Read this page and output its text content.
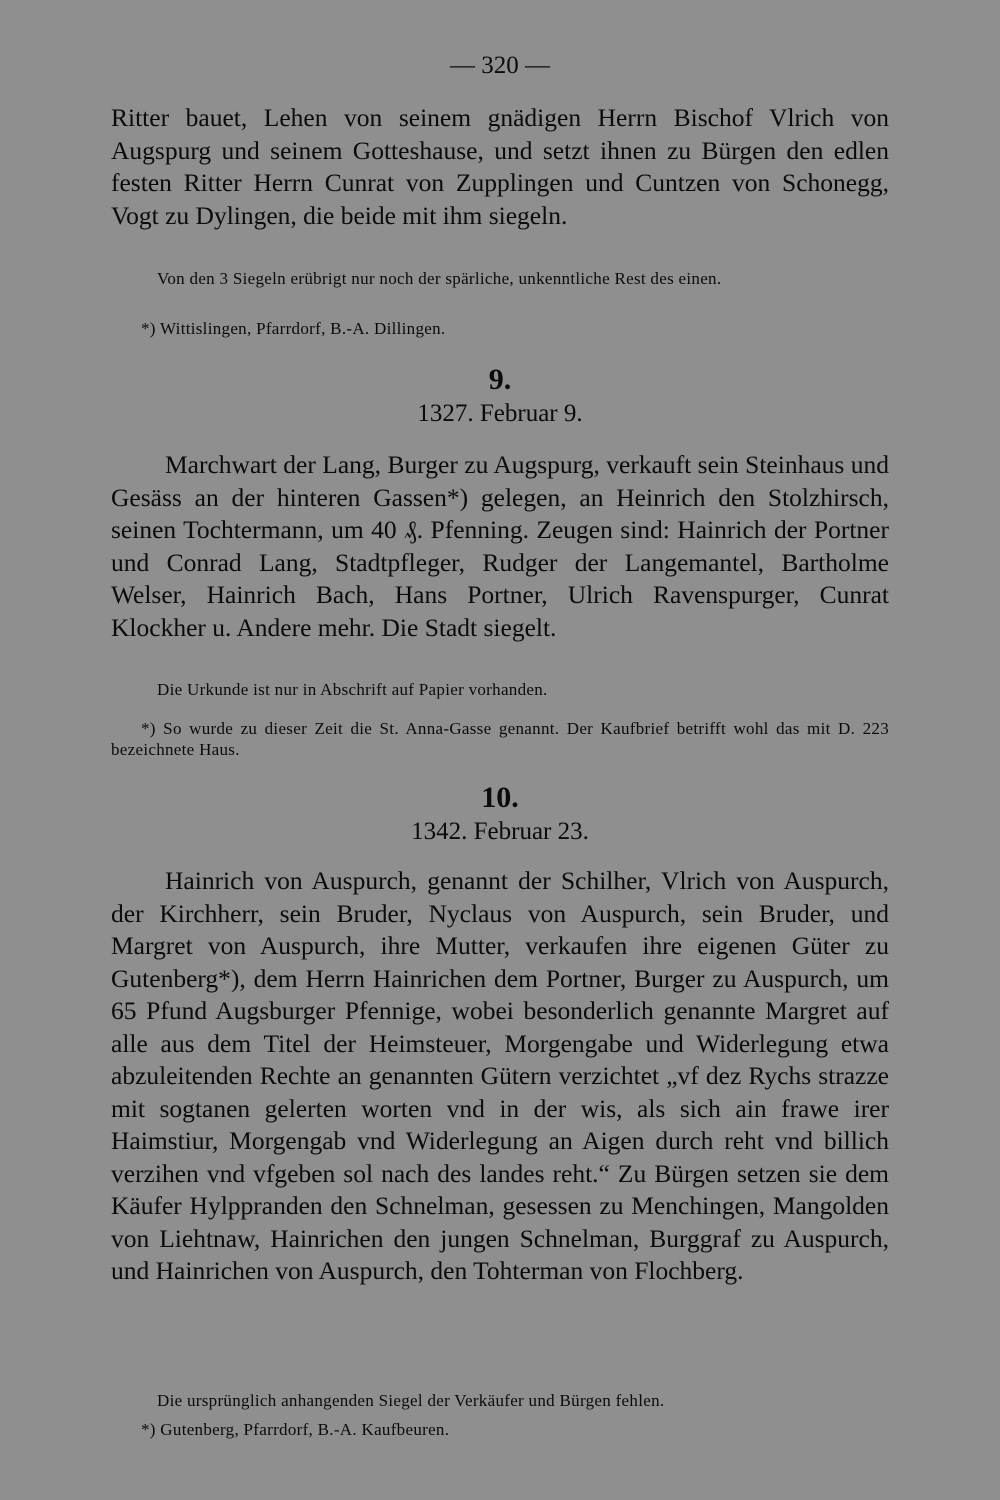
— 320 —

Ritter bauet, Lehen von seinem gnädigen Herrn Bischof Vlrich von Augspurg und seinem Gotteshause, und setzt ihnen zu Bürgen den edlen festen Ritter Herrn Cunrat von Zupplingen und Cuntzen von Schonegg, Vogt zu Dylingen, die beide mit ihm siegeln.

Von den 3 Siegeln erübrigt nur noch der spärliche, unkenntliche Rest des einen.

*) Wittislingen, Pfarrdorf, B.-A. Dillingen.

9.

1327. Februar 9.

Marchwart der Lang, Burger zu Augspurg, verkauft sein Steinhaus und Gesäss an der hinteren Gassen*) gelegen, an Heinrich den Stolzhirsch, seinen Tochtermann, um 40 ₰. Pfenning. Zeugen sind: Hainrich der Portner und Conrad Lang, Stadtpfleger, Rudger der Langemantel, Bartholme Welser, Hainrich Bach, Hans Portner, Ulrich Ravenspurger, Cunrat Klockher u. Andere mehr. Die Stadt siegelt.

Die Urkunde ist nur in Abschrift auf Papier vorhanden.

*) So wurde zu dieser Zeit die St. Anna-Gasse genannt. Der Kaufbrief betrifft wohl das mit D. 223 bezeichnete Haus.

10.

1342. Februar 23.

Hainrich von Auspurch, genannt der Schilher, Vlrich von Auspurch, der Kirchherr, sein Bruder, Nyclaus von Auspurch, sein Bruder, und Margret von Auspurch, ihre Mutter, verkaufen ihre eigenen Güter zu Gutenberg*), dem Herrn Hainrichen dem Portner, Burger zu Auspurch, um 65 Pfund Augsburger Pfennige, wobei besonderlich genannte Margret auf alle aus dem Titel der Heimsteuer, Morgengabe und Widerlegung etwa abzuleitenden Rechte an genannten Gütern verzichtet „vf dez Rychs strazze mit sogtanen gelerten worten vnd in der wis, als sich ain frawe irer Haimstiur, Morgengab vnd Widerlegung an Aigen durch reht vnd billich verzihen vnd vfgeben sol nach des landes reht.“ Zu Bürgen setzen sie dem Käufer Hylppranden den Schnelman, gesessen zu Menchingen, Mangolden von Liehtnaw, Hainrichen den jungen Schnelman, Burggraf zu Auspurch, und Hainrichen von Auspurch, den Tohterman von Flochberg.

Die ursprünglich anhangenden Siegel der Verkäufer und Bürgen fehlen.

*) Gutenberg, Pfarrdorf, B.-A. Kaufbeuren.
